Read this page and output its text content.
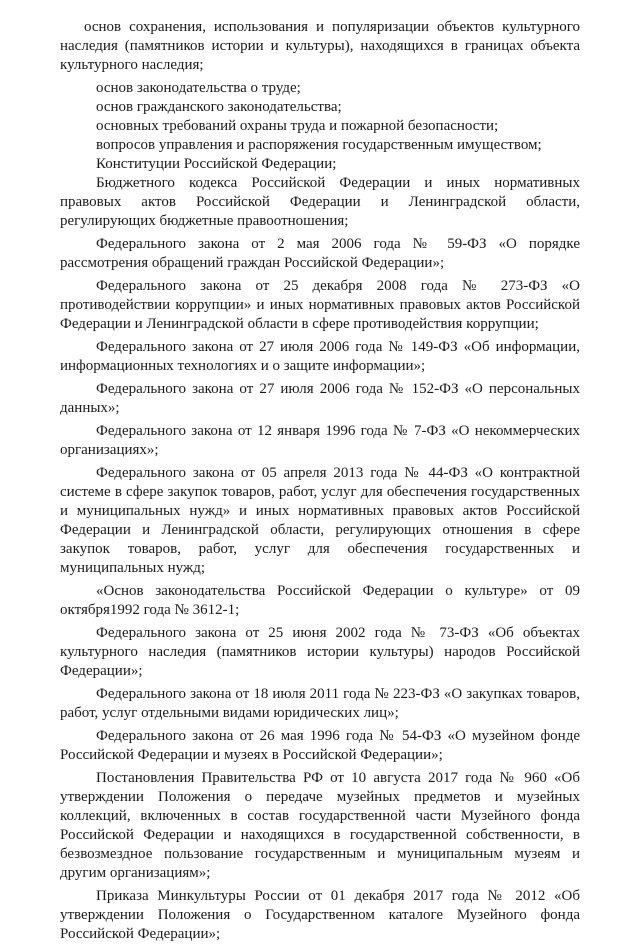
основ сохранения, использования и популяризации объектов культурного наследия (памятников истории и культуры), находящихся в границах объекта культурного наследия;

основ законодательства о труде;

основ гражданского законодательства;

основных требований охраны труда и пожарной безопасности;

вопросов управления и распоряжения государственным имуществом;

Конституции Российской Федерации;

Бюджетного кодекса Российской Федерации и иных нормативных правовых актов Российской Федерации и Ленинградской области, регулирующих бюджетные правоотношения;

Федерального закона от 2 мая 2006 года № 59-ФЗ «О порядке рассмотрения обращений граждан Российской Федерации»;

Федерального закона от 25 декабря 2008 года № 273-ФЗ «О противодействии коррупции» и иных нормативных правовых актов Российской Федерации и Ленинградской области в сфере противодействия коррупции;

Федерального закона от 27 июля 2006 года № 149-ФЗ «Об информации, информационных технологиях и о защите информации»;

Федерального закона от 27 июля 2006 года № 152-ФЗ «О персональных данных»;

Федерального закона от 12 января 1996 года № 7-ФЗ «О некоммерческих организациях»;

Федерального закона от 05 апреля 2013 года № 44-ФЗ «О контрактной системе в сфере закупок товаров, работ, услуг для обеспечения государственных и муниципальных нужд» и иных нормативных правовых актов Российской Федерации и Ленинградской области, регулирующих отношения в сфере закупок товаров, работ, услуг для обеспечения государственных и муниципальных нужд;

«Основ законодательства Российской Федерации о культуре» от 09 октября1992 года № 3612-1;

Федерального закона от 25 июня 2002 года № 73-ФЗ «Об объектах культурного наследия (памятников истории культуры) народов Российской Федерации»;

Федерального закона от 18 июля 2011 года № 223-ФЗ «О закупках товаров, работ, услуг отдельными видами юридических лиц»;

Федерального закона от 26 мая 1996 года № 54-ФЗ «О музейном фонде Российской Федерации и музеях в Российской Федерации»;

Постановления Правительства РФ от 10 августа 2017 года № 960 «Об утверждении Положения о передаче музейных предметов и музейных коллекций, включенных в состав государственной части Музейного фонда Российской Федерации и находящихся в государственной собственности, в безвозмездное пользование государственным и муниципальным музеям и другим организациям»;

Приказа Минкультуры России от 01 декабря 2017 года № 2012 «Об утверждении Положения о Государственном каталоге Музейного фонда Российской Федерации»;
